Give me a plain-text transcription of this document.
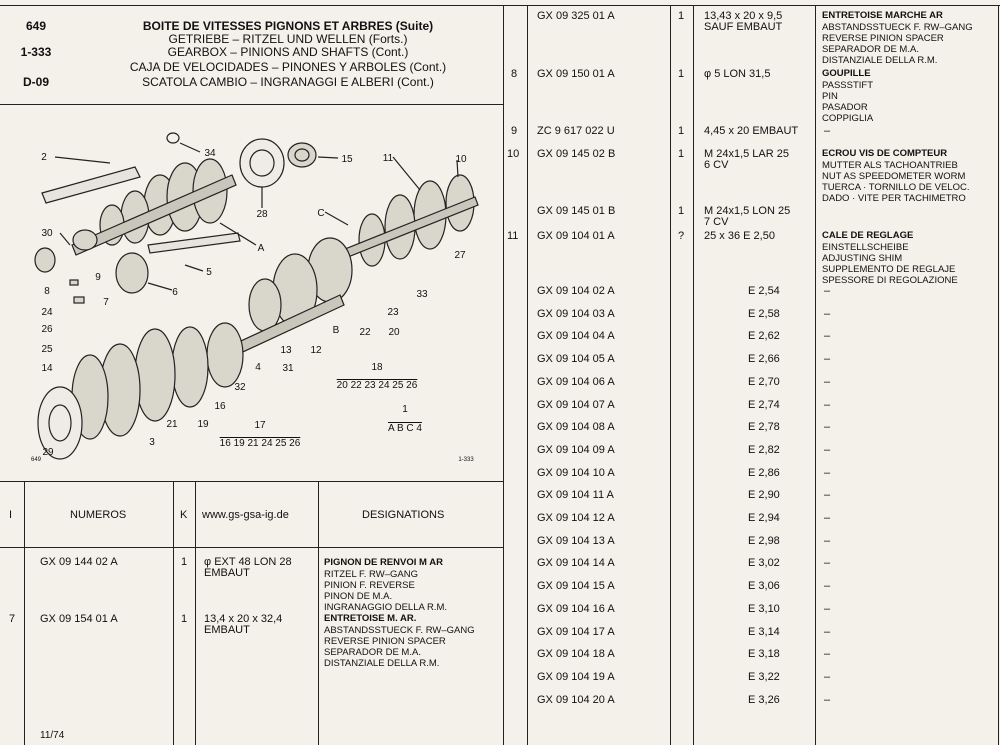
649
1-333
D-09
BOITE DE VITESSES PIGNONS ET ARBRES (Suite)
GETRIEBE – RITZEL UND WELLEN (Forts.)
GEARBOX – PINIONS AND SHAFTS (Cont.)
CAJA DE VELOCIDADES – PINONES Y ARBOLES (Cont.)
SCATOLA CAMBIO – INGRANAGGI E ALBERI (Cont.)
2	34
15	11	10
28	C
A
30
27
5
9
8	6
7
33
24	23
26	B 22 20
25	13 12
14	4 31
32
16
21 19
3
29
18
20 22 23 24 25 26
1
A B C 4
17
16 19 21 24 25 26
649	1-333
I	NUMEROS	K www.gs-gsa-ig.de	DESIGNATIONS
GX 09 144 02 A	1 φ EXT 48 LON 28
EMBAUT
PIGNON DE RENVOI M AR
RITZEL F. RW–GANG
PINION F. REVERSE
PINON DE M.A.
INGRANAGGIO DELLA R.M.
7 GX 09 154 01 A	1 13,4 x 20 x 32,4
EMBAUT
ENTRETOISE M. AR.
ABSTANDSSTUECK F. RW–GANG
REVERSE PINION SPACER
SEPARADOR DE M.A.
DISTANZIALE DELLA R.M.
11/74
GX 09 325 01 A	1 13,43 x 20 x 9,5
SAUF EMBAUT
ENTRETOISE MARCHE AR
ABSTANDSSTUECK F. RW–GANG
REVERSE PINION SPACER
SEPARADOR DE M.A.
DISTANZIALE DELLA R.M.
8 GX 09 150 01 A	1 φ 5 LON 31,5	GOUPILLE
PASSSTIFT
PIN
PASADOR
COPPIGLIA
9 ZC 9 617 022 U	1 4,45 x 20 EMBAUT –
10 GX 09 145 02 B	1 M 24x1,5 LAR 25
6 CV
ECROU VIS DE COMPTEUR
MUTTER ALS TACHOANTRIEB
NUT AS SPEEDOMETER WORM
TUERCA · TORNILLO DE VELOC.
DADO · VITE PER TACHIMETRO
GX 09 145 01 B	1 M 24x1,5 LON 25
7 CV
11 GX 09 104 01 A	? 25 x 36 E 2,50	CALE DE REGLAGE
EINSTELLSCHEIBE
ADJUSTING SHIM
SUPPLEMENTO DE REGLAJE
SPESSORE DI REGOLAZIONE
GX 09 104 02 A	E 2,54	–
GX 09 104 03 A	E 2,58	–
GX 09 104 04 A	E 2,62	–
GX 09 104 05 A	E 2,66	–
GX 09 104 06 A	E 2,70	–
GX 09 104 07 A	E 2,74	–
GX 09 104 08 A	E 2,78	–
GX 09 104 09 A	E 2,82	–
GX 09 104 10 A	E 2,86	–
GX 09 104 11 A	E 2,90	–
GX 09 104 12 A	E 2,94	–
GX 09 104 13 A	E 2,98	–
GX 09 104 14 A	E 3,02	–
GX 09 104 15 A	E 3,06	–
GX 09 104 16 A	E 3,10	–
GX 09 104 17 A	E 3,14	–
GX 09 104 18 A	E 3,18	–
GX 09 104 19 A	E 3,22	–
GX 09 104 20 A	E 3,26	–
